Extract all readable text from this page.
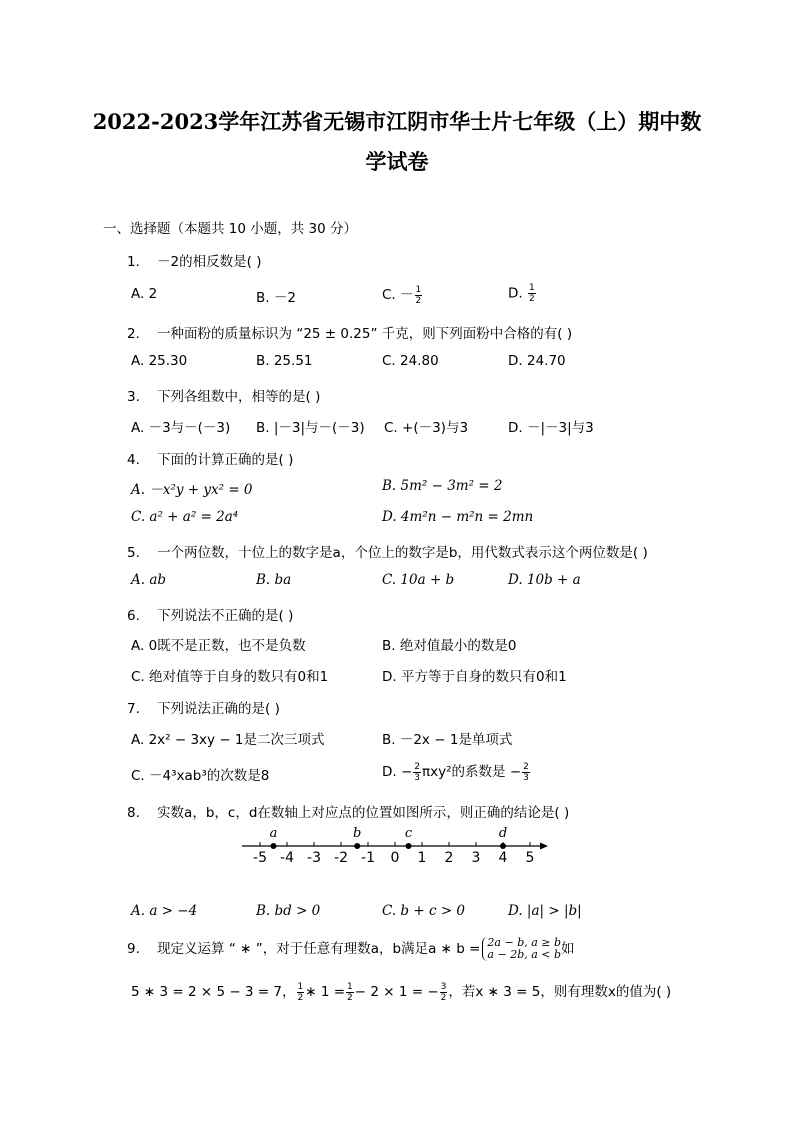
2022-2023学年江苏省无锡市江阴市华士片七年级（上）期中数
学试卷
一、选择题（本题共 10 小题，共 30 分）
1. －2的相反数是( )
A. 2	B. －2	C. － $\frac{1}{2}$	D. $\frac{1}{2}$
2. 一种面粉的质量标识为 “25 ± 0.25” 千克，则下列面粉中合格的有( )
A. 25.30	B. 25.51	C. 24.80	D. 24.70
3. 下列各组数中，相等的是( )
A. －3与－(－3) B. |－3|与－(－3) C. +(－3)与3	D. －|－3|与3
4. 下面的计算正确的是( )
A. －x²y + yx² = 0	B. 5m² − 3m² = 2
C. a² + a² = 2a⁴	D. 4m²n − m²n = 2mn
5. 一个两位数，十位上的数字是a，个位上的数字是b，用代数式表示这个两位数是( )
A. ab	B. ba	C. 10a + b	D. 10b + a
6. 下列说法不正确的是( )
A. 0既不是正数，也不是负数	B. 绝对值最小的数是0
C. 绝对值等于自身的数只有0和1	D. 平方等于自身的数只有0和1
7. 下列说法正确的是( )
A. 2x² − 3xy − 1是二次三项式	B. －2x − 1是单项式
C. －4³xab³的次数是8	D. − $\frac{2}{3} \pi xy^2$的系数是 − $\frac{2}{3}$
8. 实数a，b，c，d在数轴上对应点的位置如图所示，则正确的结论是( )
-5 -4 -3 -2 -1 0 1 2 3 4 5
a	b	c	d
A. a > −4	B. bd > 0	C. b + c > 0	D. |a| > |b|
9. 现定义运算 “ ∗ ”，对于任意有理数a，b满足a ∗ b = 2a − b, a ≥ b
a − 2b, a < b 如
5 ∗ 3 = 2 × 5 − 3 = 7， $\frac{1}{2}$ ∗ $1 = \frac{1}{2} - 2 \times 1$ = − $\frac{3}{2}$ ，若x ∗ 3 = 5，则有理数x的值为( )
